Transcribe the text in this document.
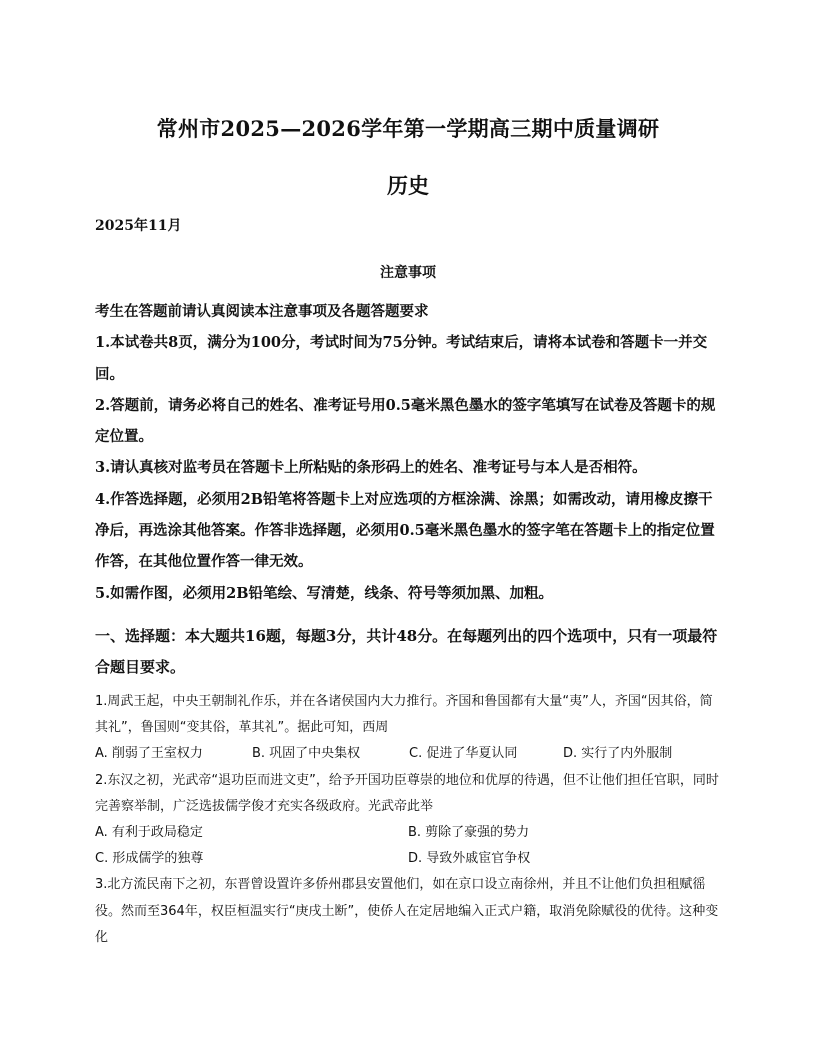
常州市2025—2026学年第一学期高三期中质量调研
历史
2025年11月
注意事项

考生在答题前请认真阅读本注意事项及各题答题要求

1.本试卷共8页，满分为100分，考试时间为75分钟。考试结束后，请将本试卷和答题卡一并交回。

2.答题前，请务必将自己的姓名、准考证号用0.5毫米黑色墨水的签字笔填写在试卷及答题卡的规定位置。

3.请认真核对监考员在答题卡上所粘贴的条形码上的姓名、准考证号与本人是否相符。

4.作答选择题，必须用2B铅笔将答题卡上对应选项的方框涂满、涂黑；如需改动，请用橡皮擦干净后，再选涂其他答案。作答非选择题，必须用0.5毫米黑色墨水的签字笔在答题卡上的指定位置作答，在其他位置作答一律无效。

5.如需作图，必须用2B铅笔绘、写清楚，线条、符号等须加黑、加粗。

一、选择题：本大题共16题，每题3分，共计48分。在每题列出的四个选项中，只有一项最符合题目要求。

1.周武王起，中央王朝制礼作乐，并在各诸侯国内大力推行。齐国和鲁国都有大量“夷”人，齐国“因其俗，简其礼”，鲁国则“变其俗，革其礼”。据此可知，西周

A. 削弱了王室权力	B. 巩固了中央集权	C. 促进了华夏认同	D. 实行了内外服制

2.东汉之初，光武帝“退功臣而进文吏”，给予开国功臣尊崇的地位和优厚的待遇，但不让他们担任官职，同时完善察举制，广泛选拔儒学俊才充实各级政府。光武帝此举

A. 有利于政局稳定	B. 剪除了豪强的势力
C. 形成儒学的独尊	D. 导致外戚宦官争权

3.北方流民南下之初，东晋曾设置许多侨州郡县安置他们，如在京口设立南徐州，并且不让他们负担租赋徭役。然而至364年，权臣桓温实行“庚戌土断”，使侨人在定居地编入正式户籍，取消免除赋役的优待。这种变化
